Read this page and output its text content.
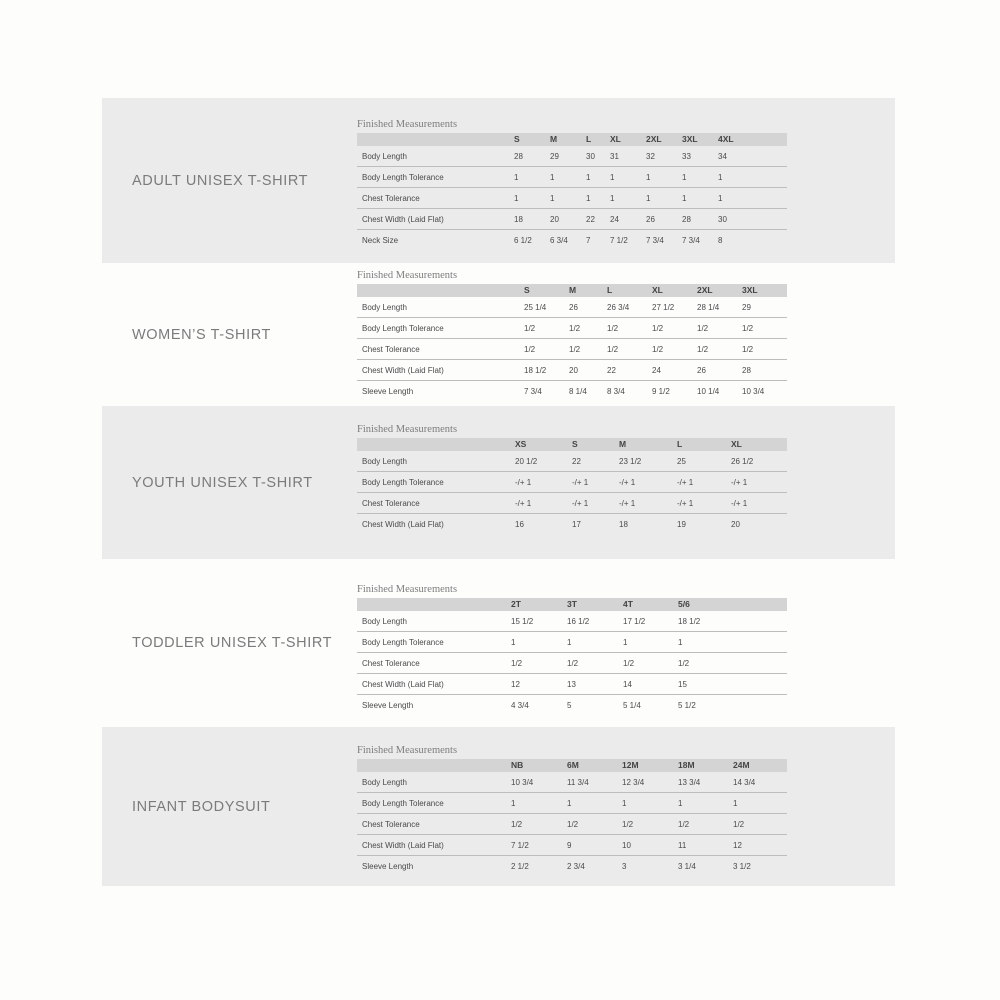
ADULT UNISEX T-SHIRT
Finished Measurements
	S	M	L	XL	2XL	3XL	4XL
Body Length	28	29	30	31	32	33	34
Body Length Tolerance	1	1	1	1	1	1	1
Chest Tolerance	1	1	1	1	1	1	1
Chest Width (Laid Flat)	18	20	22	24	26	28	30
Neck Size	6 1/2	6 3/4	7	7 1/2	7 3/4	7 3/4	8
WOMEN’S T-SHIRT
Finished Measurements
	S	M	L	XL	2XL	3XL
Body Length	25 1/4	26	26 3/4	27 1/2	28 1/4	29
Body Length Tolerance	1/2	1/2	1/2	1/2	1/2	1/2
Chest Tolerance	1/2	1/2	1/2	1/2	1/2	1/2
Chest Width (Laid Flat)	18 1/2	20	22	24	26	28
Sleeve Length	7 3/4	8 1/4	8 3/4	9 1/2	10 1/4	10 3/4
YOUTH UNISEX T-SHIRT
Finished Measurements
	XS	S	M	L	XL
Body Length	20 1/2	22	23 1/2	25	26 1/2
Body Length Tolerance	-/+ 1	-/+ 1	-/+ 1	-/+ 1	-/+ 1
Chest Tolerance	-/+ 1	-/+ 1	-/+ 1	-/+ 1	-/+ 1
Chest Width (Laid Flat)	16	17	18	19	20
TODDLER UNISEX T-SHIRT
Finished Measurements
	2T	3T	4T	5/6
Body Length	15 1/2	16 1/2	17 1/2	18 1/2
Body Length Tolerance	1	1	1	1
Chest Tolerance	1/2	1/2	1/2	1/2
Chest Width (Laid Flat)	12	13	14	15
Sleeve Length	4 3/4	5	5 1/4	5 1/2
INFANT BODYSUIT
Finished Measurements
	NB	6M	12M	18M	24M
Body Length	10 3/4	11 3/4	12 3/4	13 3/4	14 3/4
Body Length Tolerance	1	1	1	1	1
Chest Tolerance	1/2	1/2	1/2	1/2	1/2
Chest Width (Laid Flat)	7 1/2	9	10	11	12
Sleeve Length	2 1/2	2 3/4	3	3 1/4	3 1/2
